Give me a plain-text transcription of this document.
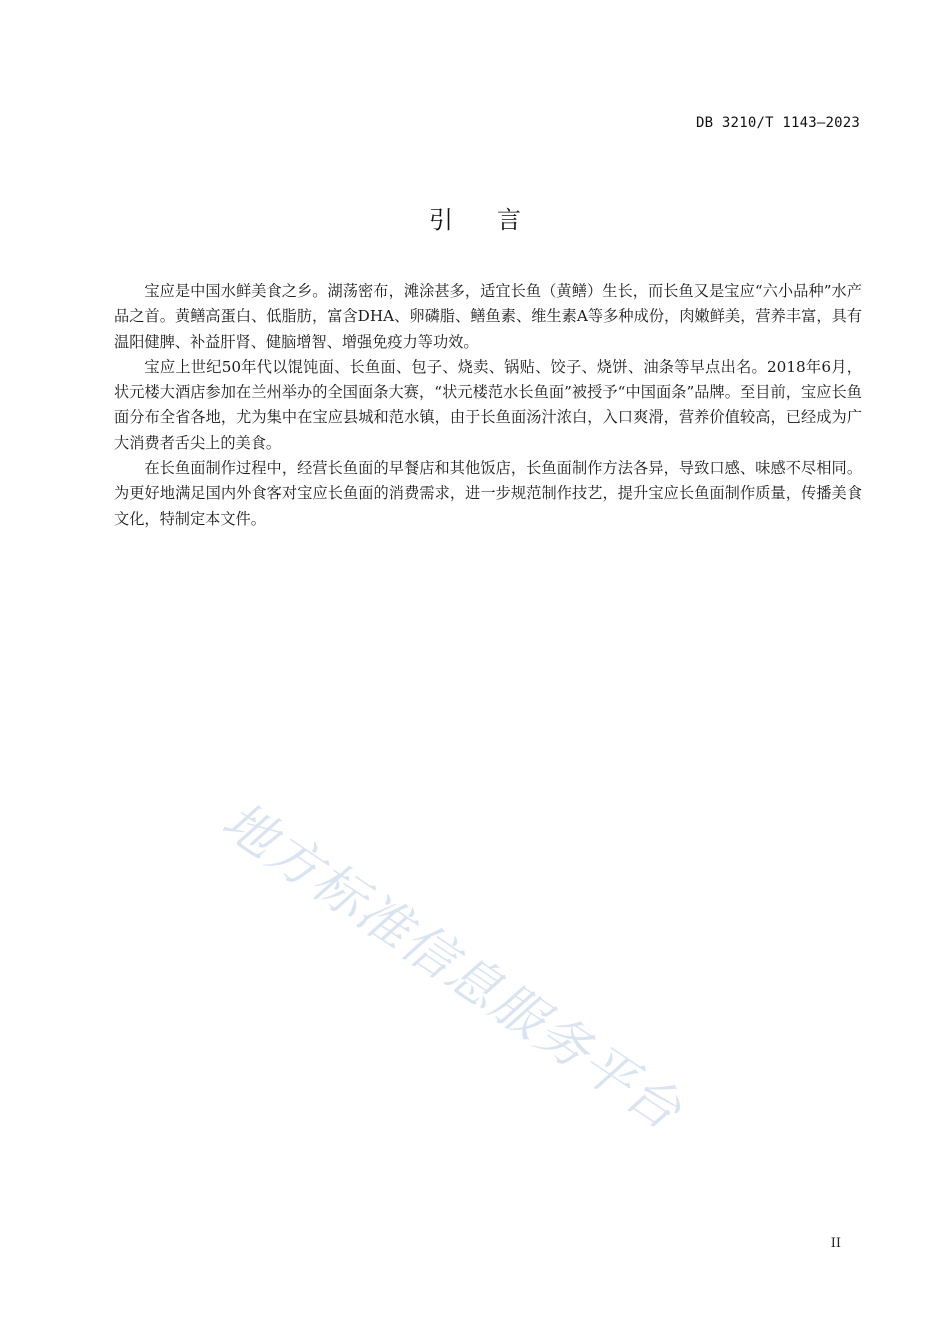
DB 3210/T 1143—2023
引 言

宝应是中国水鲜美食之乡。湖荡密布，滩涂甚多，适宜长鱼（黄鳝）生长，而长鱼又是宝应“六小品种”水产品之首。黄鳝高蛋白、低脂肪，富含DHA、卵磷脂、鳝鱼素、维生素A等多种成份，肉嫩鲜美，营养丰富，具有温阳健脾、补益肝肾、健脑增智、增强免疫力等功效。

宝应上世纪50年代以馄饨面、长鱼面、包子、烧卖、锅贴、饺子、烧饼、油条等早点出名。2018年6月，状元楼大酒店参加在兰州举办的全国面条大赛，“状元楼范水长鱼面”被授予“中国面条”品牌。至目前，宝应长鱼面分布全省各地，尤为集中在宝应县城和范水镇，由于长鱼面汤汁浓白，入口爽滑，营养价值较高，已经成为广大消费者舌尖上的美食。

在长鱼面制作过程中，经营长鱼面的早餐店和其他饭店，长鱼面制作方法各异，导致口感、味感不尽相同。为更好地满足国内外食客对宝应长鱼面的消费需求，进一步规范制作技艺，提升宝应长鱼面制作质量，传播美食文化，特制定本文件。

地方标准信息服务平台
II
